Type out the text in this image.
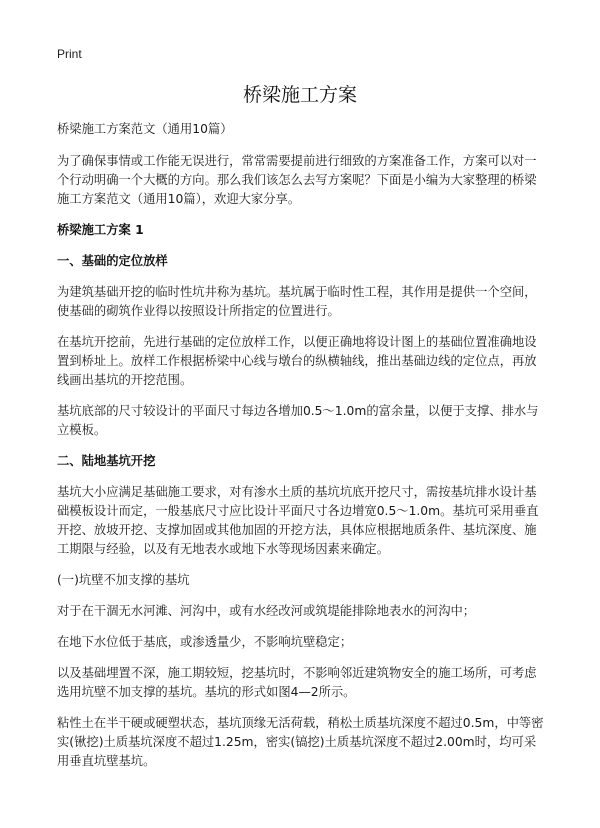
Print
桥梁施工方案

桥梁施工方案范文（通用10篇）

为了确保事情或工作能无误进行，常常需要提前进行细致的方案准备工作，方案可以对一个行动明确一个大概的方向。那么我们该怎么去写方案呢？下面是小编为大家整理的桥梁施工方案范文（通用10篇），欢迎大家分享。

桥梁施工方案 1

一、基础的定位放样

为建筑基础开挖的临时性坑井称为基坑。基坑属于临时性工程，其作用是提供一个空间，使基础的砌筑作业得以按照设计所指定的位置进行。

在基坑开挖前，先进行基础的定位放样工作，以便正确地将设计图上的基础位置准确地设置到桥址上。放样工作根据桥梁中心线与墩台的纵横轴线，推出基础边线的定位点，再放线画出基坑的开挖范围。

基坑底部的尺寸较设计的平面尺寸每边各增加0.5～1.0m的富余量，以便于支撑、排水与立模板。

二、陆地基坑开挖

基坑大小应满足基础施工要求，对有渗水土质的基坑坑底开挖尺寸，需按基坑排水设计基础模板设计而定，一般基底尺寸应比设计平面尺寸各边增宽0.5～1.0m。基坑可采用垂直开挖、放坡开挖、支撑加固或其他加固的开挖方法，具体应根据地质条件、基坑深度、施工期限与经验，以及有无地表水或地下水等现场因素来确定。

(一)坑壁不加支撑的基坑

对于在干涸无水河滩、河沟中，或有水经改河或筑堤能排除地表水的河沟中；

在地下水位低于基底，或渗透量少，不影响坑壁稳定；

以及基础埋置不深，施工期较短，挖基坑时，不影响邻近建筑物安全的施工场所，可考虑选用坑壁不加支撑的基坑。基坑的形式如图4—2所示。

粘性土在半干硬或硬塑状态，基坑顶缘无活荷载，稍松土质基坑深度不超过0.5m，中等密实(锹挖)土质基坑深度不超过1.25m，密实(镐挖)土质基坑深度不超过2.00m时，均可采用垂直坑壁基坑。
